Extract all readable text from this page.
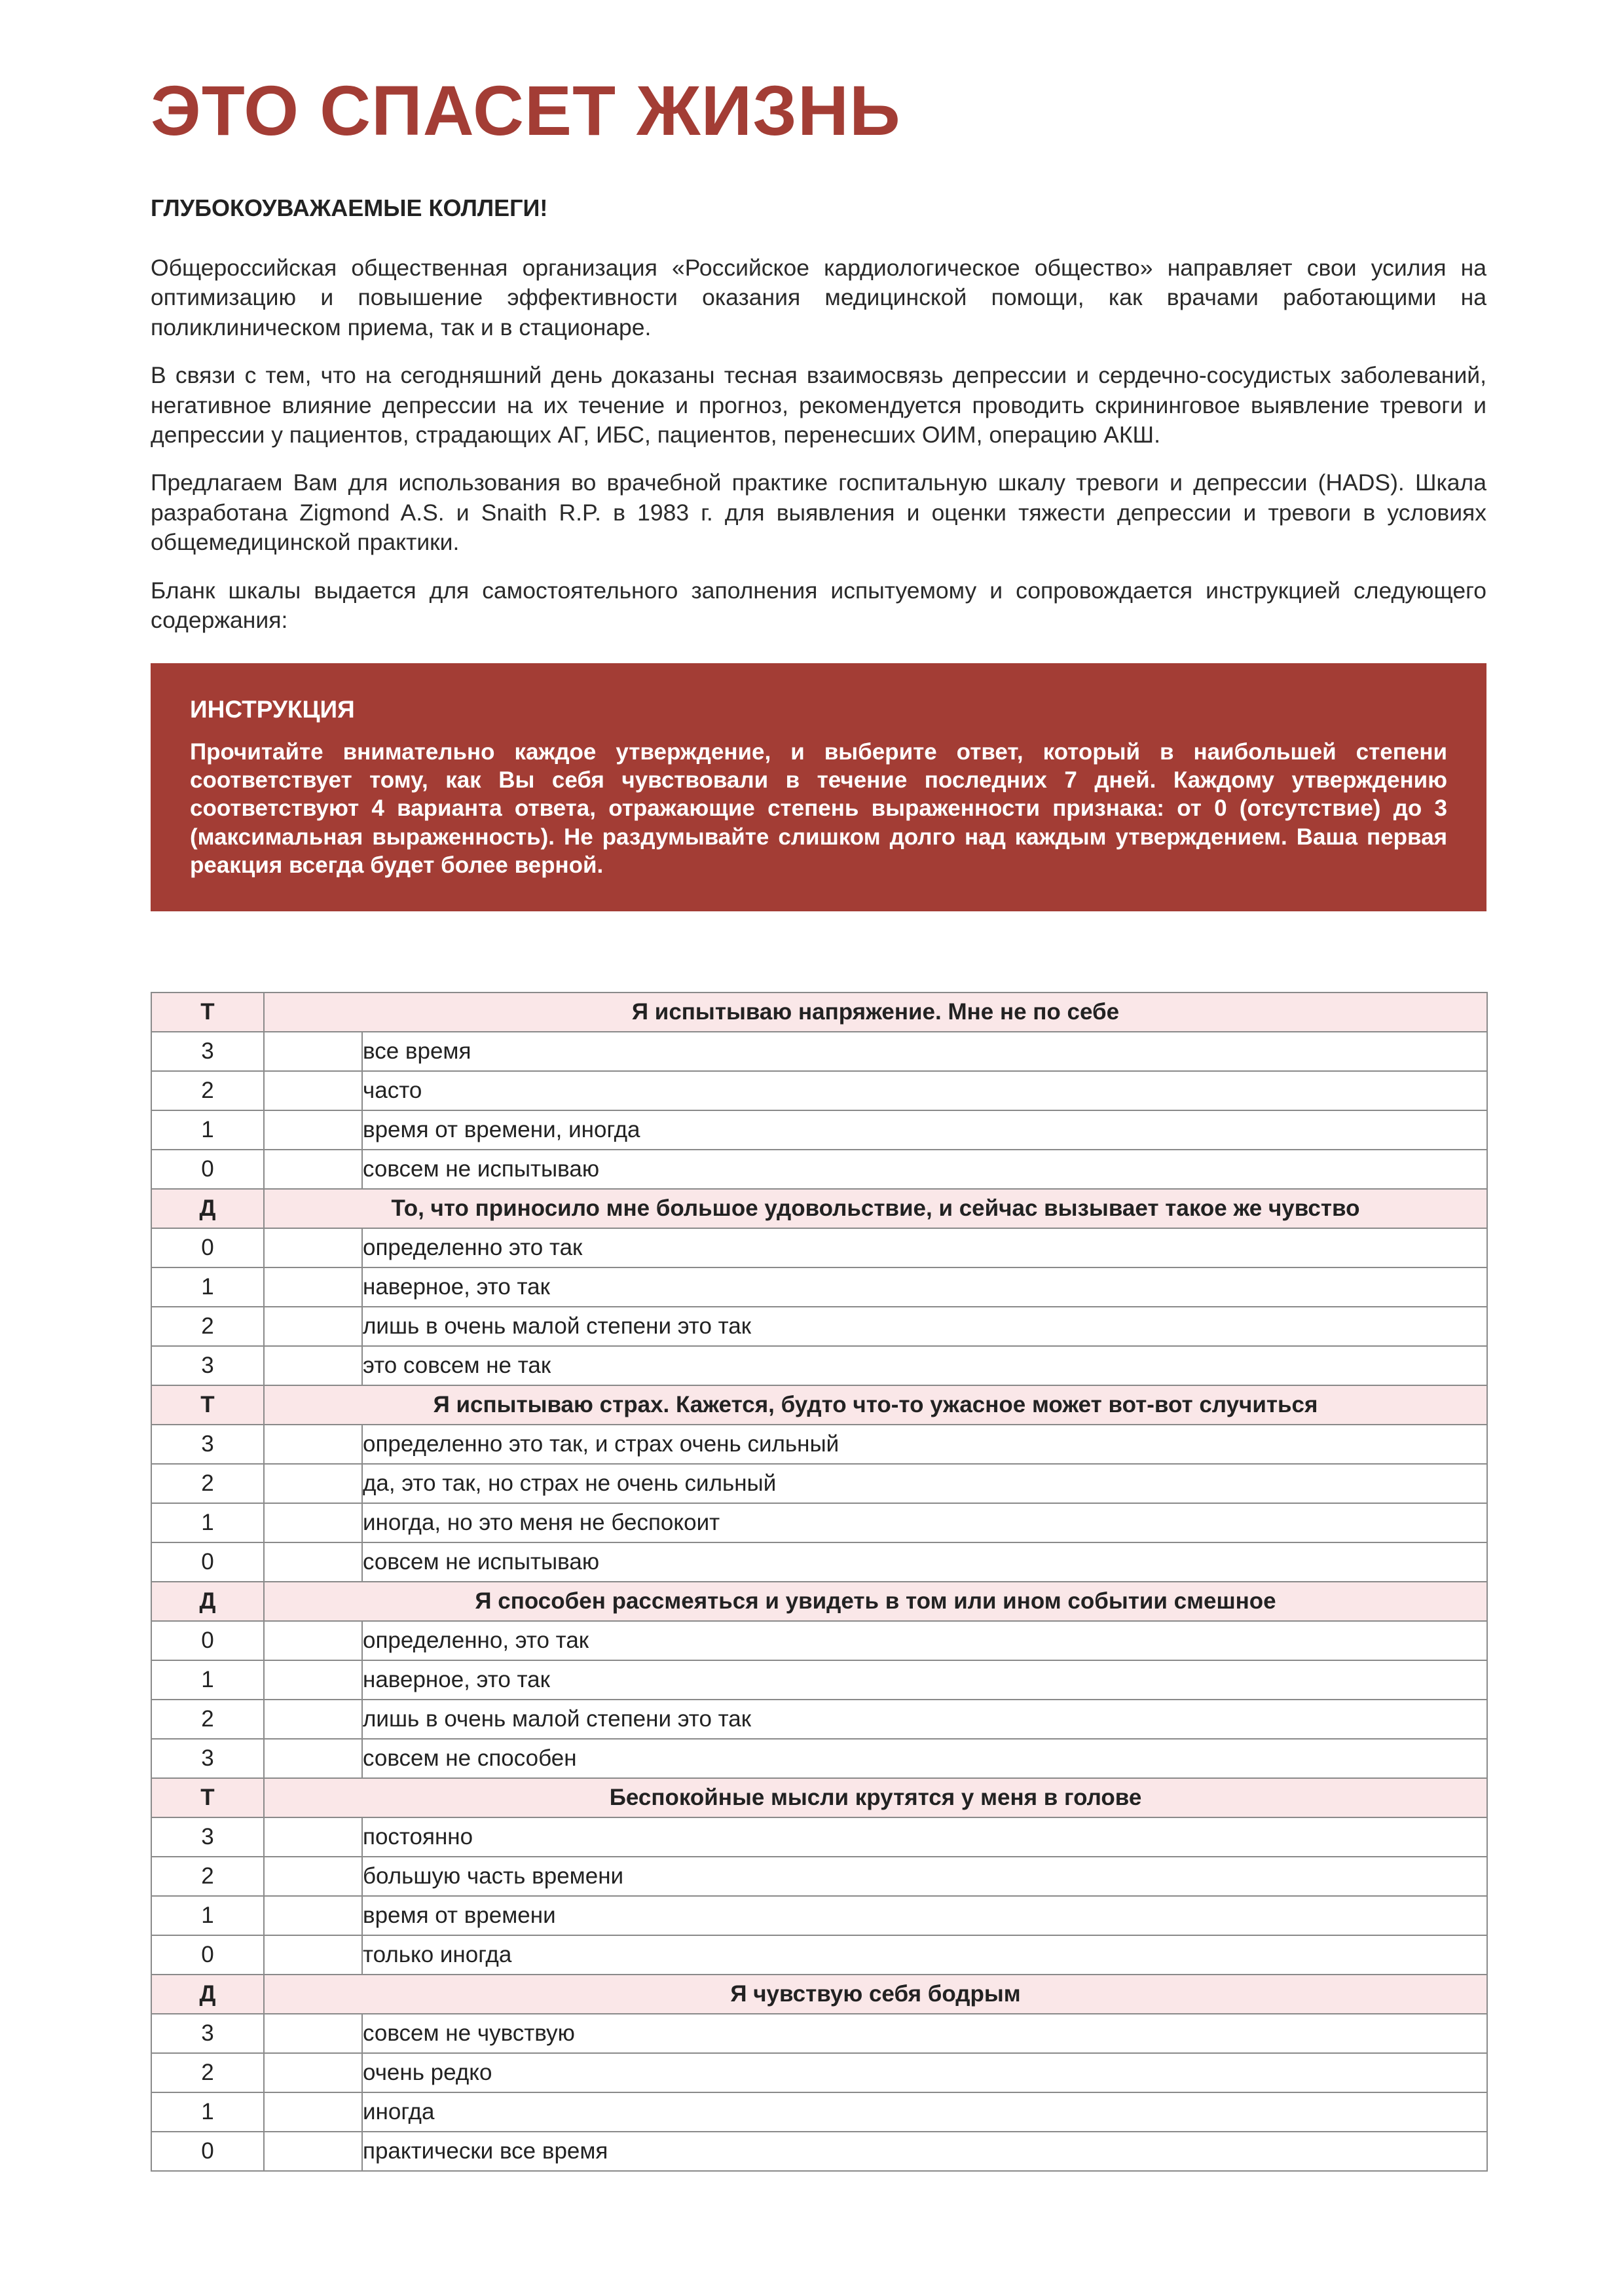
ЭТО СПАСЕТ ЖИЗНЬ
ГЛУБОКОУВАЖАЕМЫЕ КОЛЛЕГИ!

Общероссийская общественная организация «Российское кардиологическое общество» направляет свои усилия на оптимизацию и повышение эффективности оказания медицинской помощи, как врачами работающими на поликлиническом приема, так и в стационаре.

В связи с тем, что на сегодняшний день доказаны тесная взаимосвязь депрессии и сердечно-сосудистых заболеваний, негативное влияние депрессии на их течение и прогноз, рекомендуется проводить скрининговое выявление тревоги и депрессии у пациентов, страдающих АГ, ИБС, пациентов, перенесших ОИМ, операцию АКШ.

Предлагаем Вам для использования во врачебной практике госпитальную шкалу тревоги и депрессии (HADS). Шкала разработана Zigmond A.S. и Snaith R.P. в 1983 г. для выявления и оценки тяжести депрессии и тревоги в условиях общемедицинской практики.

Бланк шкалы выдается для самостоятельного заполнения испытуемому и сопровождается инструкцией следующего содержания:

ИНСТРУКЦИЯ

Прочитайте внимательно каждое утверждение, и выберите ответ, который в наибольшей степени соответствует тому, как Вы себя чувствовали в течение последних 7 дней. Каждому утверждению соответствуют 4 варианта ответа, отражающие степень выраженности признака: от 0 (отсутствие) до 3 (максимальная выраженность). Не раздумывайте слишком долго над каждым утверждением. Ваша первая реакция всегда будет более верной.

Т	Я испытываю напряжение. Мне не по себе	
3		все время
2		часто
1		время от времени, иногда
0		совсем не испытываю
Д	То, что приносило мне большое удовольствие, и сейчас вызывает такое же чувство	
0		определенно это так
1		наверное, это так
2		лишь в очень малой степени это так
3		это совсем не так
Т	Я испытываю страх. Кажется, будто что-то ужасное может вот-вот случиться	
3		определенно это так, и страх очень сильный
2		да, это так, но страх не очень сильный
1		иногда, но это меня не беспокоит
0		совсем не испытываю
Д	Я способен рассмеяться и увидеть в том или ином событии смешное	
0		определенно, это так
1		наверное, это так
2		лишь в очень малой степени это так
3		совсем не способен
Т	Беспокойные мысли крутятся у меня в голове	
3		постоянно
2		большую часть времени
1		время от времени
0		только иногда
Д	Я чувствую себя бодрым	
3		совсем не чувствую
2		очень редко
1		иногда
0		практически все время
